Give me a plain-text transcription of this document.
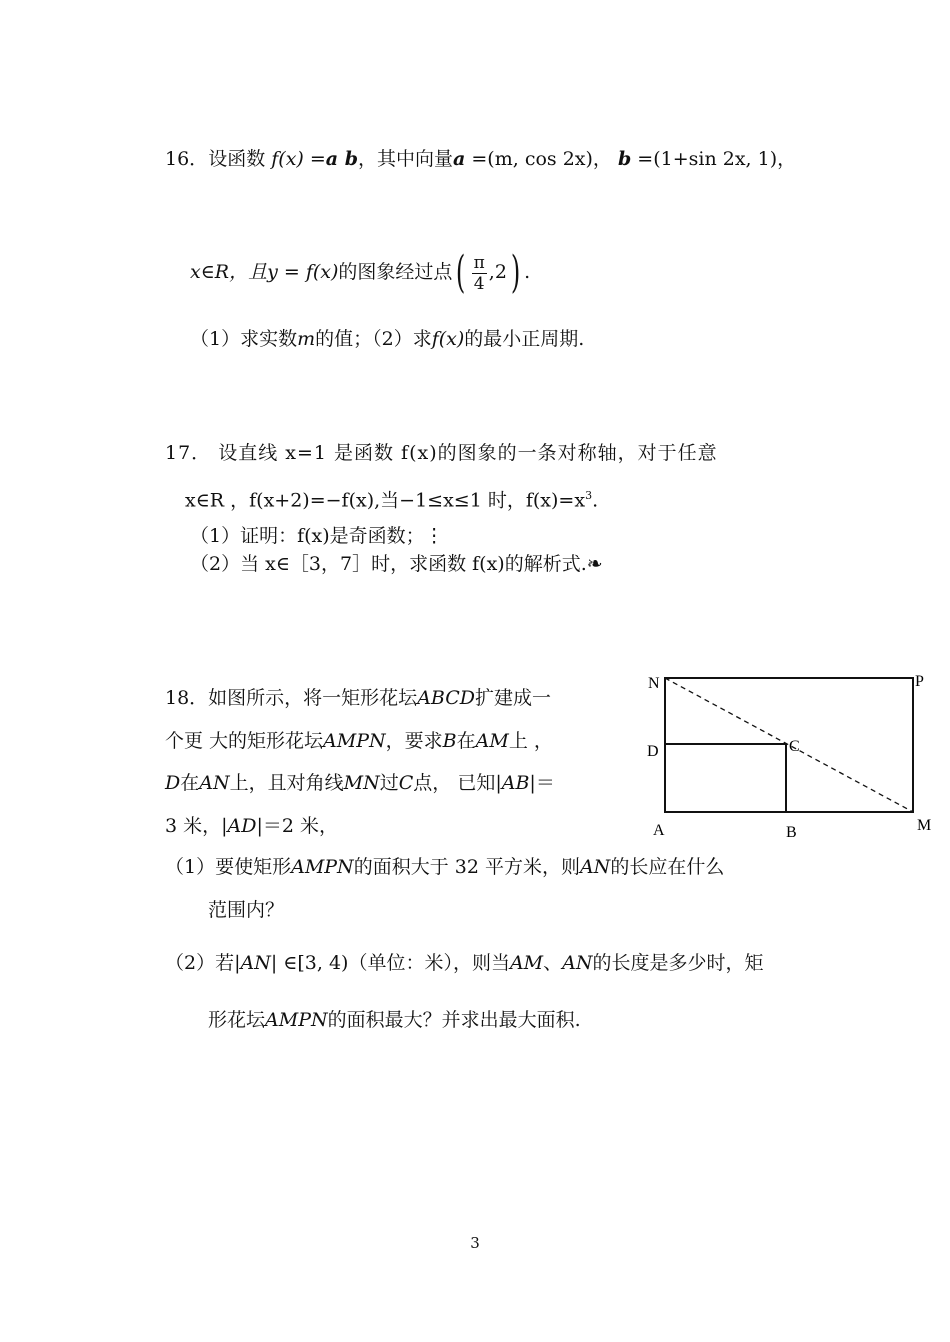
16．设函数 f(x) =a b，其中向量a =(m, cos 2x)， b =(1+sin 2x, 1)，
x∈R，且y = f(x)的图象经过点( $\frac{\pi}{4} ,2$) .
（1）求实数m的值；（2）求f(x)的最小正周期.
17． 设直线 x=1 是函数 f(x)的图象的一条对称轴，对于任意
x∈R ，f(x+2)=−f(x),当−1≤x≤1 时，$f(x)=x^3$.
（1）证明：f(x)是奇函数；⋮
（2）当 x∈［3，7］时，求函数 f(x)的解析式.❧
18．如图所示，将一矩形花坛ABCD扩建成一
个更 大的矩形花坛AMPN，要求B在AM上 ，
D在AN上，且对角线MN过C点， 已知|AB|＝
3 米，|AD|＝2 米，
（1）要使矩形AMPN的面积大于 32 平方米，则AN的长应在什么
范围内？
（2）若|AN| ∈[3, 4)（单位：米），则当AM、AN的长度是多少时，矩
形花坛AMPN的面积最大？并求出最大面积.
N	P
D	C
A	B	M
3
